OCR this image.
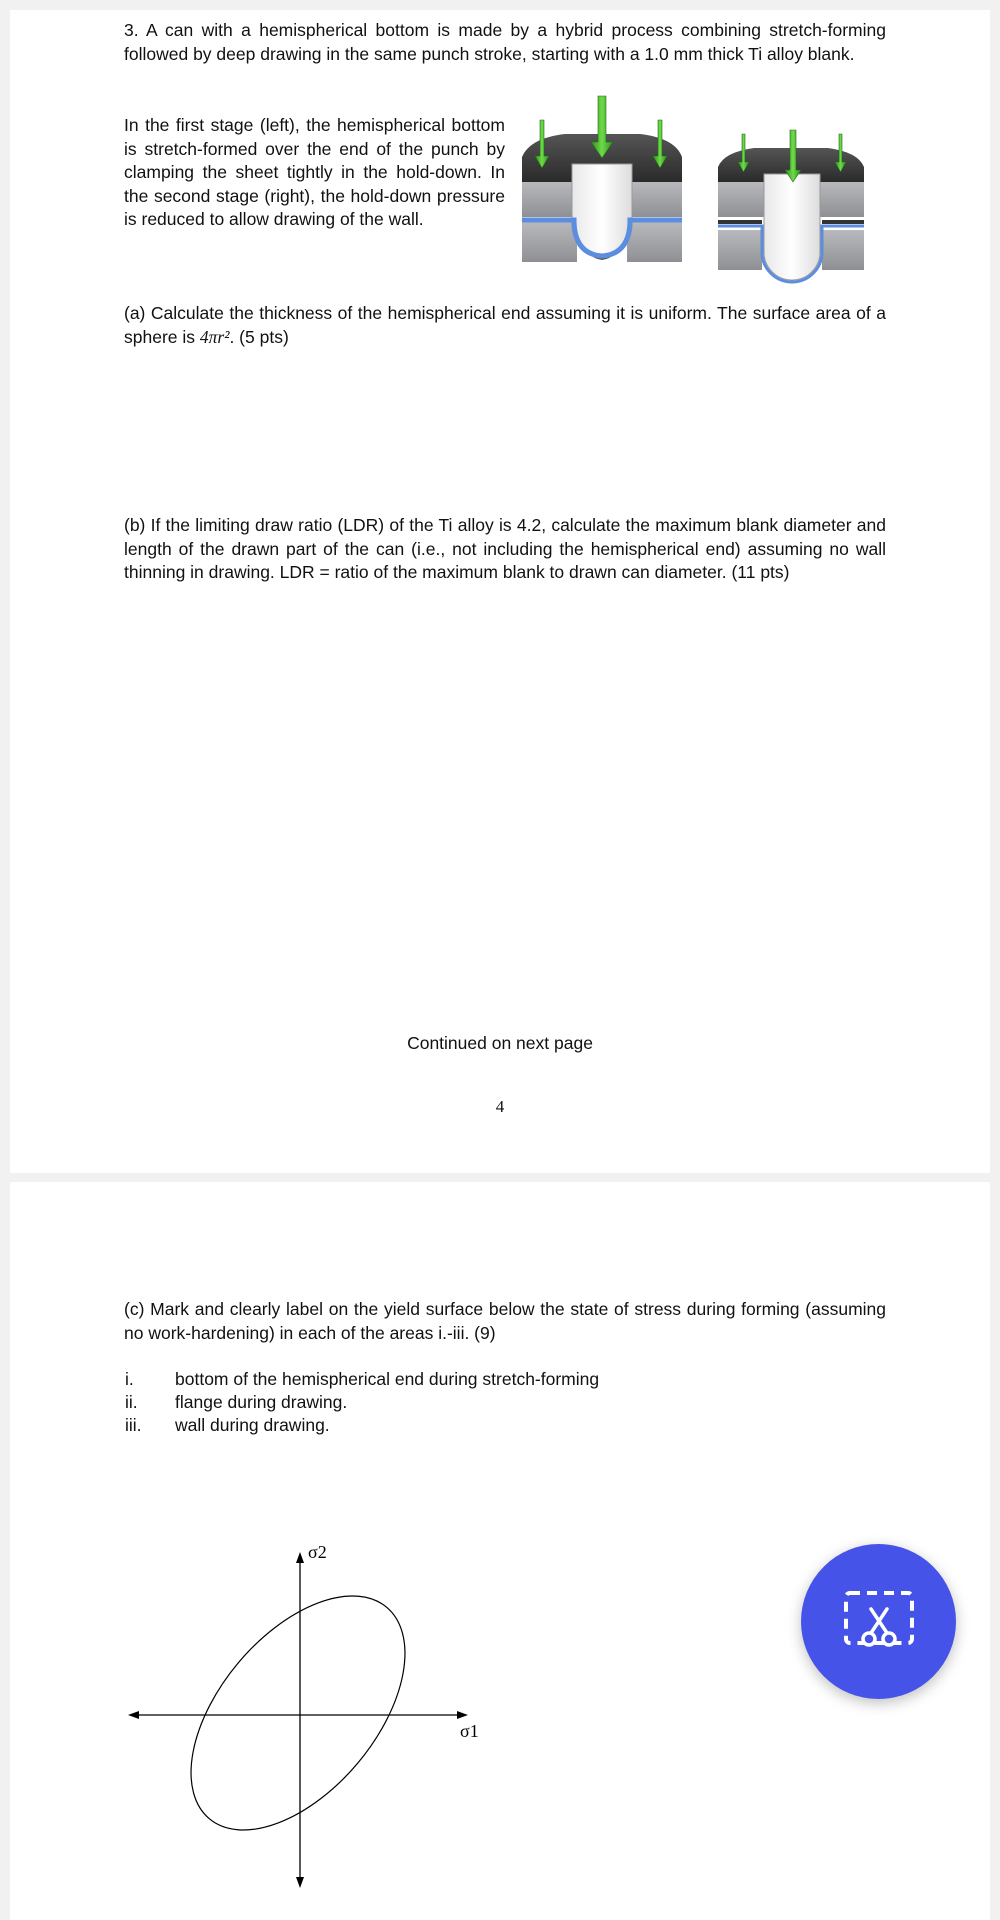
3. A can with a hemispherical bottom is made by a hybrid process combining stretch-forming followed by deep drawing in the same punch stroke, starting with a 1.0 mm thick Ti alloy blank.
In the first stage (left), the hemispherical bottom is stretch-formed over the end of the punch by clamping the sheet tightly in the hold-down. In the second stage (right), the hold-down pressure is reduced to allow drawing of the wall.
(a) Calculate the thickness of the hemispherical end assuming it is uniform. The surface area of a sphere is 4πr². (5 pts)
(b) If the limiting draw ratio (LDR) of the Ti alloy is 4.2, calculate the maximum blank diameter and length of the drawn part of the can (i.e., not including the hemispherical end) assuming no wall thinning in drawing. LDR = ratio of the maximum blank to drawn can diameter. (11 pts)
Continued on next page
4
(c) Mark and clearly label on the yield surface below the state of stress during forming (assuming no work-hardening) in each of the areas i.-iii. (9)
i. bottom of the hemispherical end during stretch-forming
ii. flange during drawing.
iii. wall during drawing.
σ2
σ1
